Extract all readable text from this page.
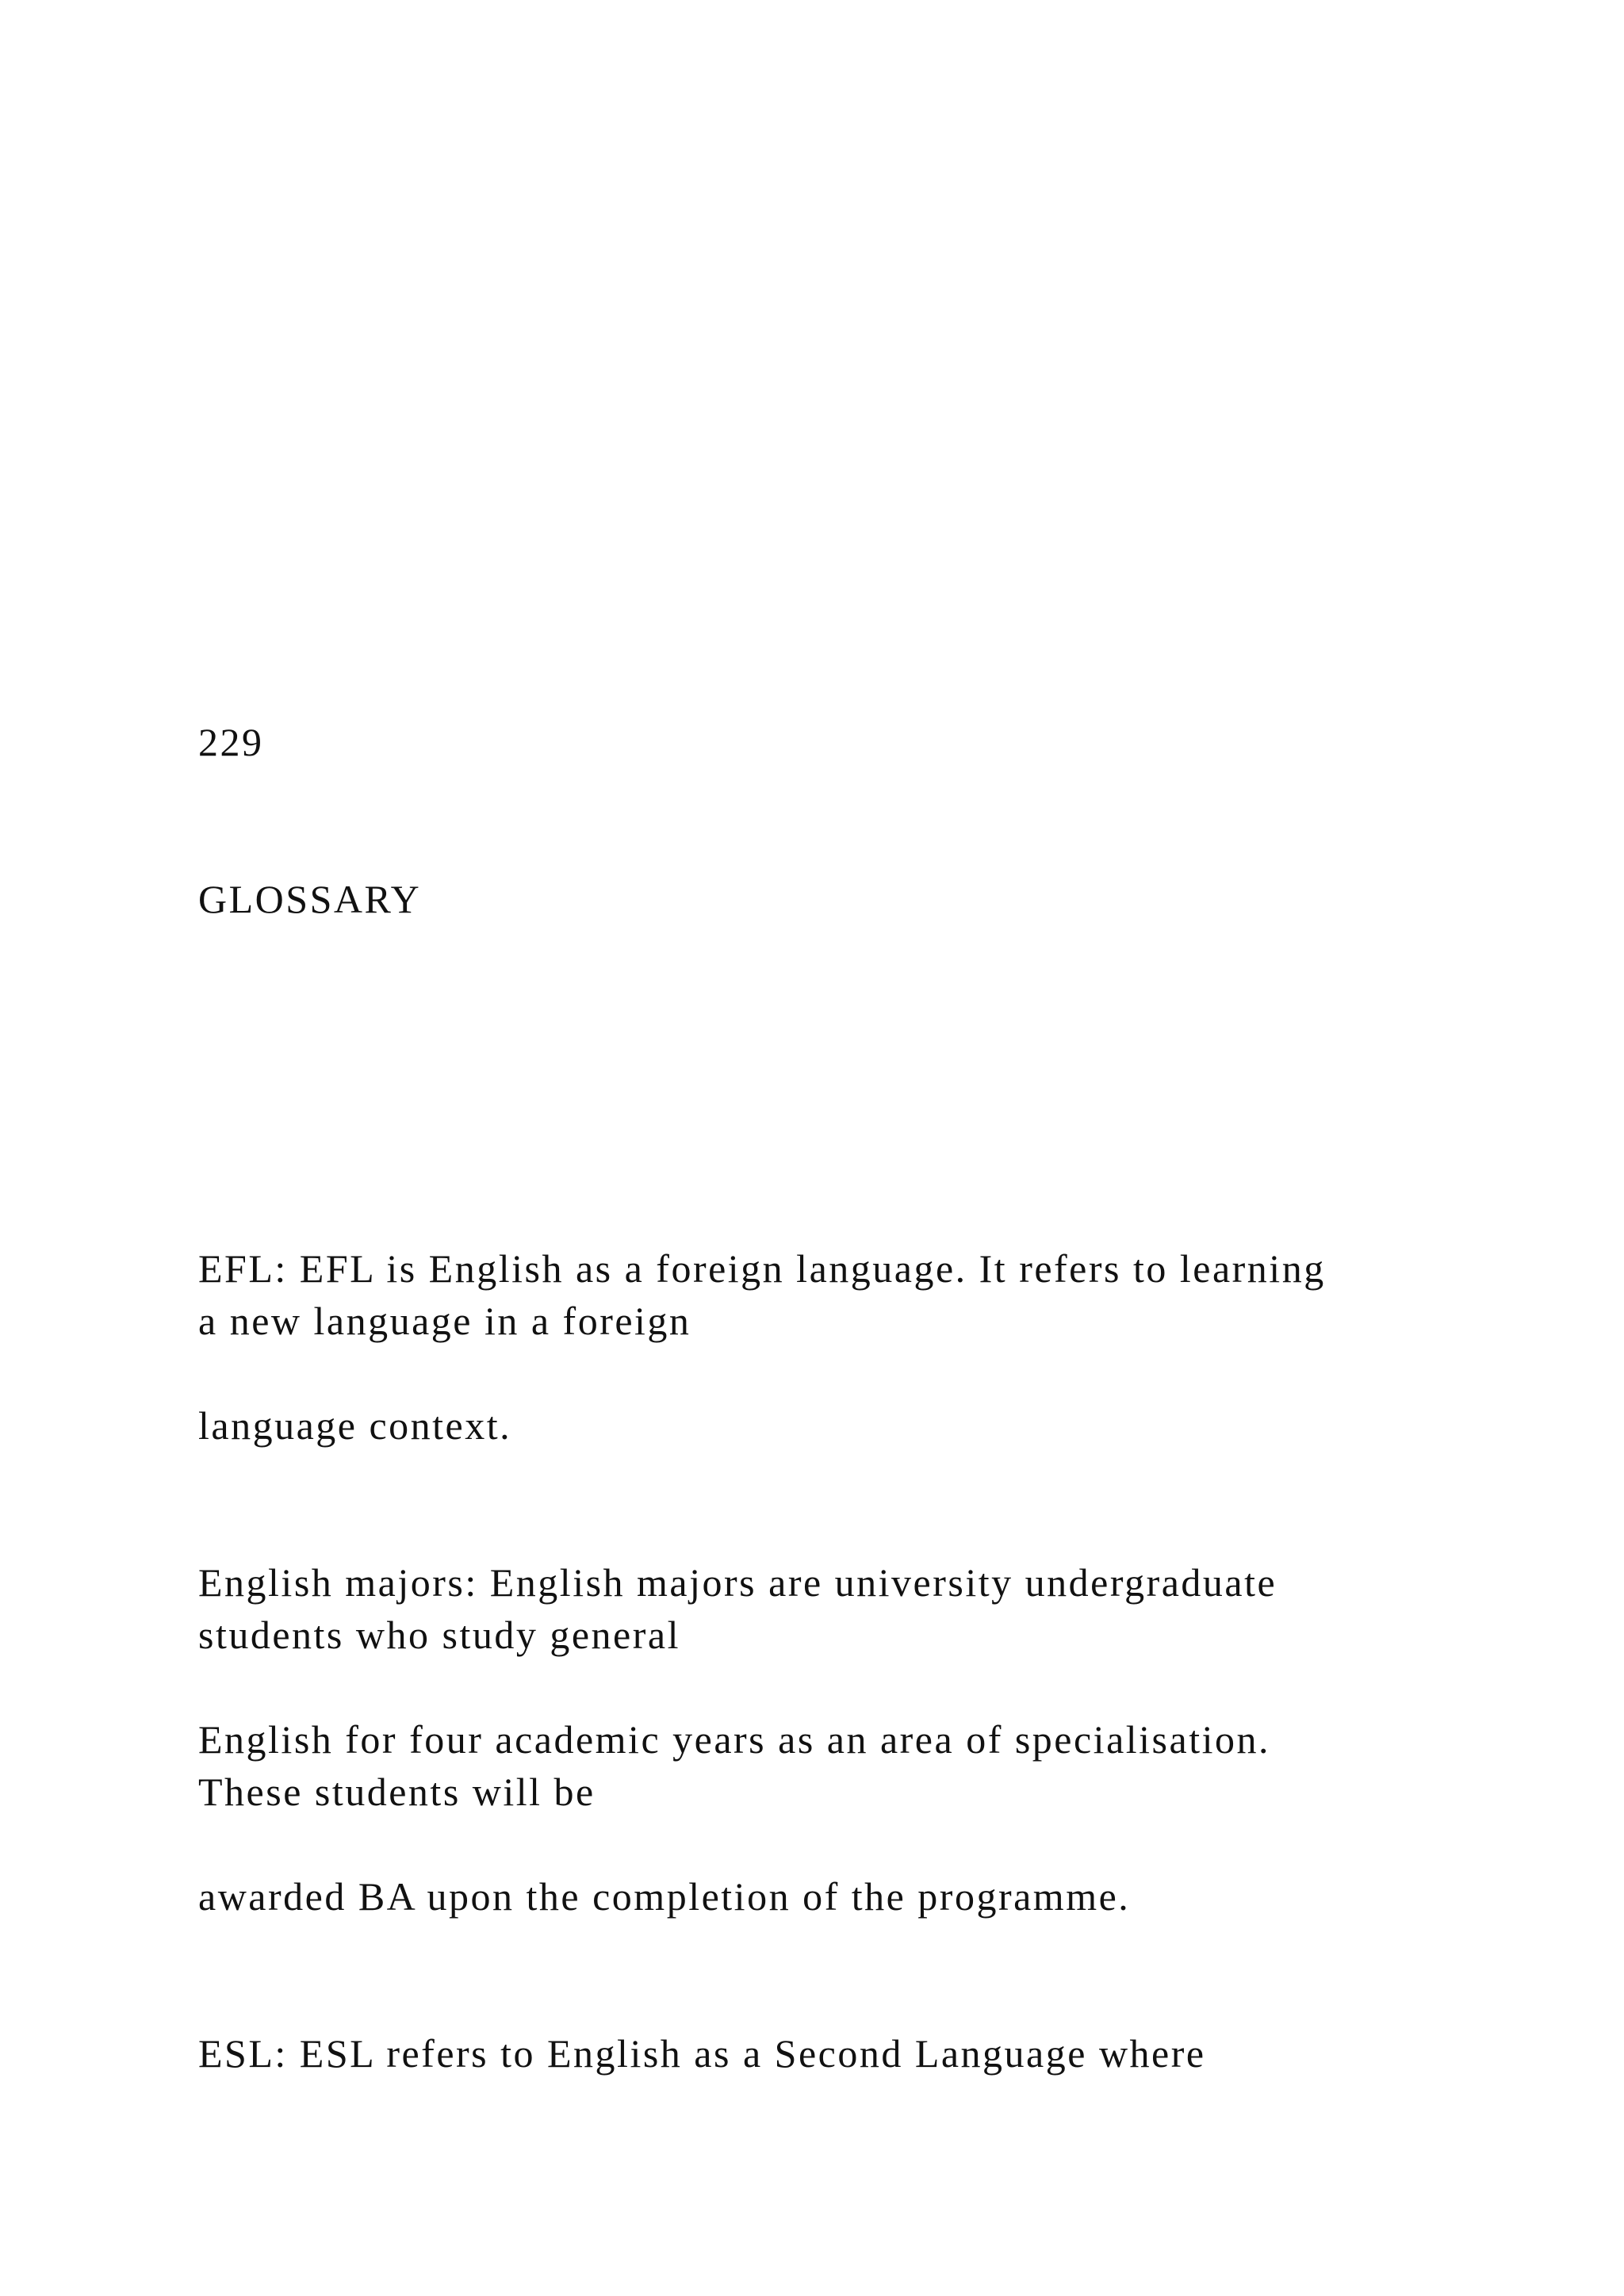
229

GLOSSARY

EFL: EFL is English as a foreign language. It refers to learning

a new language in a foreign

language context.

English majors: English majors are university undergraduate

students who study general

English for four academic years as an area of specialisation.

These students will be

awarded BA upon the completion of the programme.

ESL: ESL refers to English as a Second Language where
